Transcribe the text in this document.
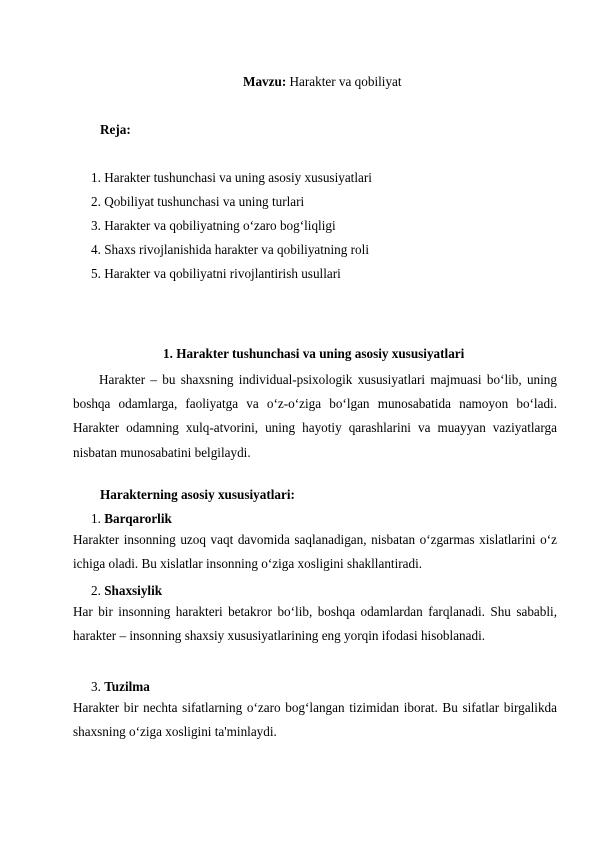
Mavzu: Harakter va qobiliyat
Reja:
1. Harakter tushunchasi va uning asosiy xususiyatlari
2. Qobiliyat tushunchasi va uning turlari
3. Harakter va qobiliyatning o‘zaro bog‘liqligi
4. Shaxs rivojlanishida harakter va qobiliyatning roli
5. Harakter va qobiliyatni rivojlantirish usullari
1. Harakter tushunchasi va uning asosiy xususiyatlari
Harakter – bu shaxsning individual-psixologik xususiyatlari majmuasi bo‘lib, uning boshqa odamlarga, faoliyatga va o‘z-o‘ziga bo‘lgan munosabatida namoyon bo‘ladi. Harakter odamning xulq-atvorini, uning hayotiy qarashlarini va muayyan vaziyatlarga nisbatan munosabatini belgilaydi.
Harakterning asosiy xususiyatlari:
1. Barqarorlik
Harakter insonning uzoq vaqt davomida saqlanadigan, nisbatan o‘zgarmas xislatlarini o‘z ichiga oladi. Bu xislatlar insonning o‘ziga xosligini shakllantiradi.
2. Shaxsiylik
Har bir insonning harakteri betakror bo‘lib, boshqa odamlardan farqlanadi. Shu sababli, harakter – insonning shaxsiy xususiyatlarining eng yorqin ifodasi hisoblanadi.
3. Tuzilma
Harakter bir nechta sifatlarning o‘zaro bog‘langan tizimidan iborat. Bu sifatlar birgalikda shaxsning o‘ziga xosligini ta'minlaydi.
